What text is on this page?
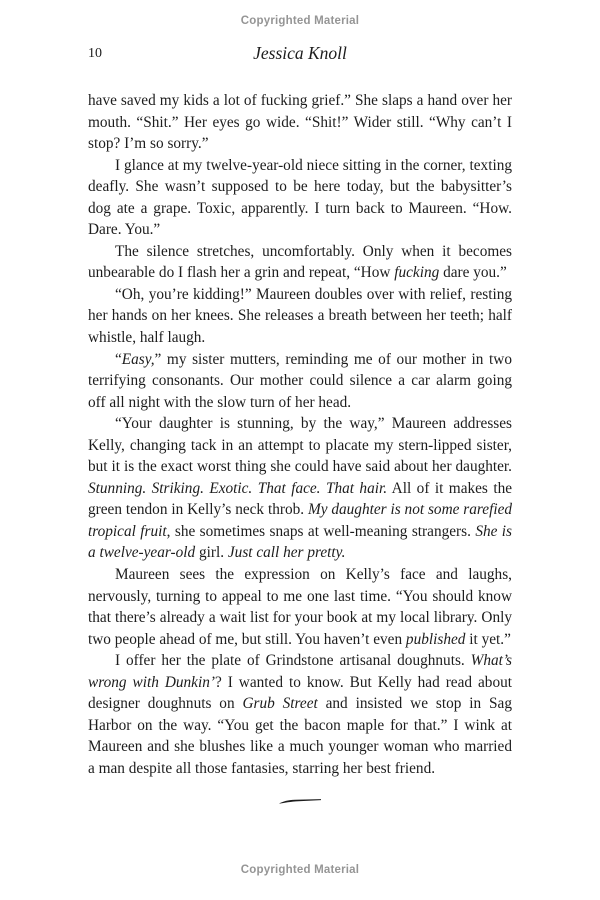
Copyrighted Material
10	Jessica Knoll

have saved my kids a lot of fucking grief.” She slaps a hand over her mouth. “Shit.” Her eyes go wide. “Shit!” Wider still. “Why can’t I stop? I’m so sorry.”

I glance at my twelve-year-old niece sitting in the corner, texting deafly. She wasn’t supposed to be here today, but the babysitter’s dog ate a grape. Toxic, apparently. I turn back to Maureen. “How. Dare. You.”

The silence stretches, uncomfortably. Only when it becomes unbearable do I flash her a grin and repeat, “How fucking dare you.”

“Oh, you’re kidding!” Maureen doubles over with relief, resting her hands on her knees. She releases a breath between her teeth; half whistle, half laugh.

“Easy,” my sister mutters, reminding me of our mother in two terrifying consonants. Our mother could silence a car alarm going off all night with the slow turn of her head.

“Your daughter is stunning, by the way,” Maureen addresses Kelly, changing tack in an attempt to placate my stern-lipped sister, but it is the exact worst thing she could have said about her daughter. Stunning. Striking. Exotic. That face. That hair. All of it makes the green tendon in Kelly’s neck throb. My daughter is not some rarefied tropical fruit, she sometimes snaps at well-meaning strangers. She is a twelve-year-old girl. Just call her pretty.

Maureen sees the expression on Kelly’s face and laughs, nervously, turning to appeal to me one last time. “You should know that there’s already a wait list for your book at my local library. Only two people ahead of me, but still. You haven’t even published it yet.”

I offer her the plate of Grindstone artisanal doughnuts. What’s wrong with Dunkin’? I wanted to know. But Kelly had read about designer doughnuts on Grub Street and insisted we stop in Sag Harbor on the way. “You get the bacon maple for that.” I wink at Maureen and she blushes like a much younger woman who married a man despite all those fantasies, starring her best friend.

Copyrighted Material
